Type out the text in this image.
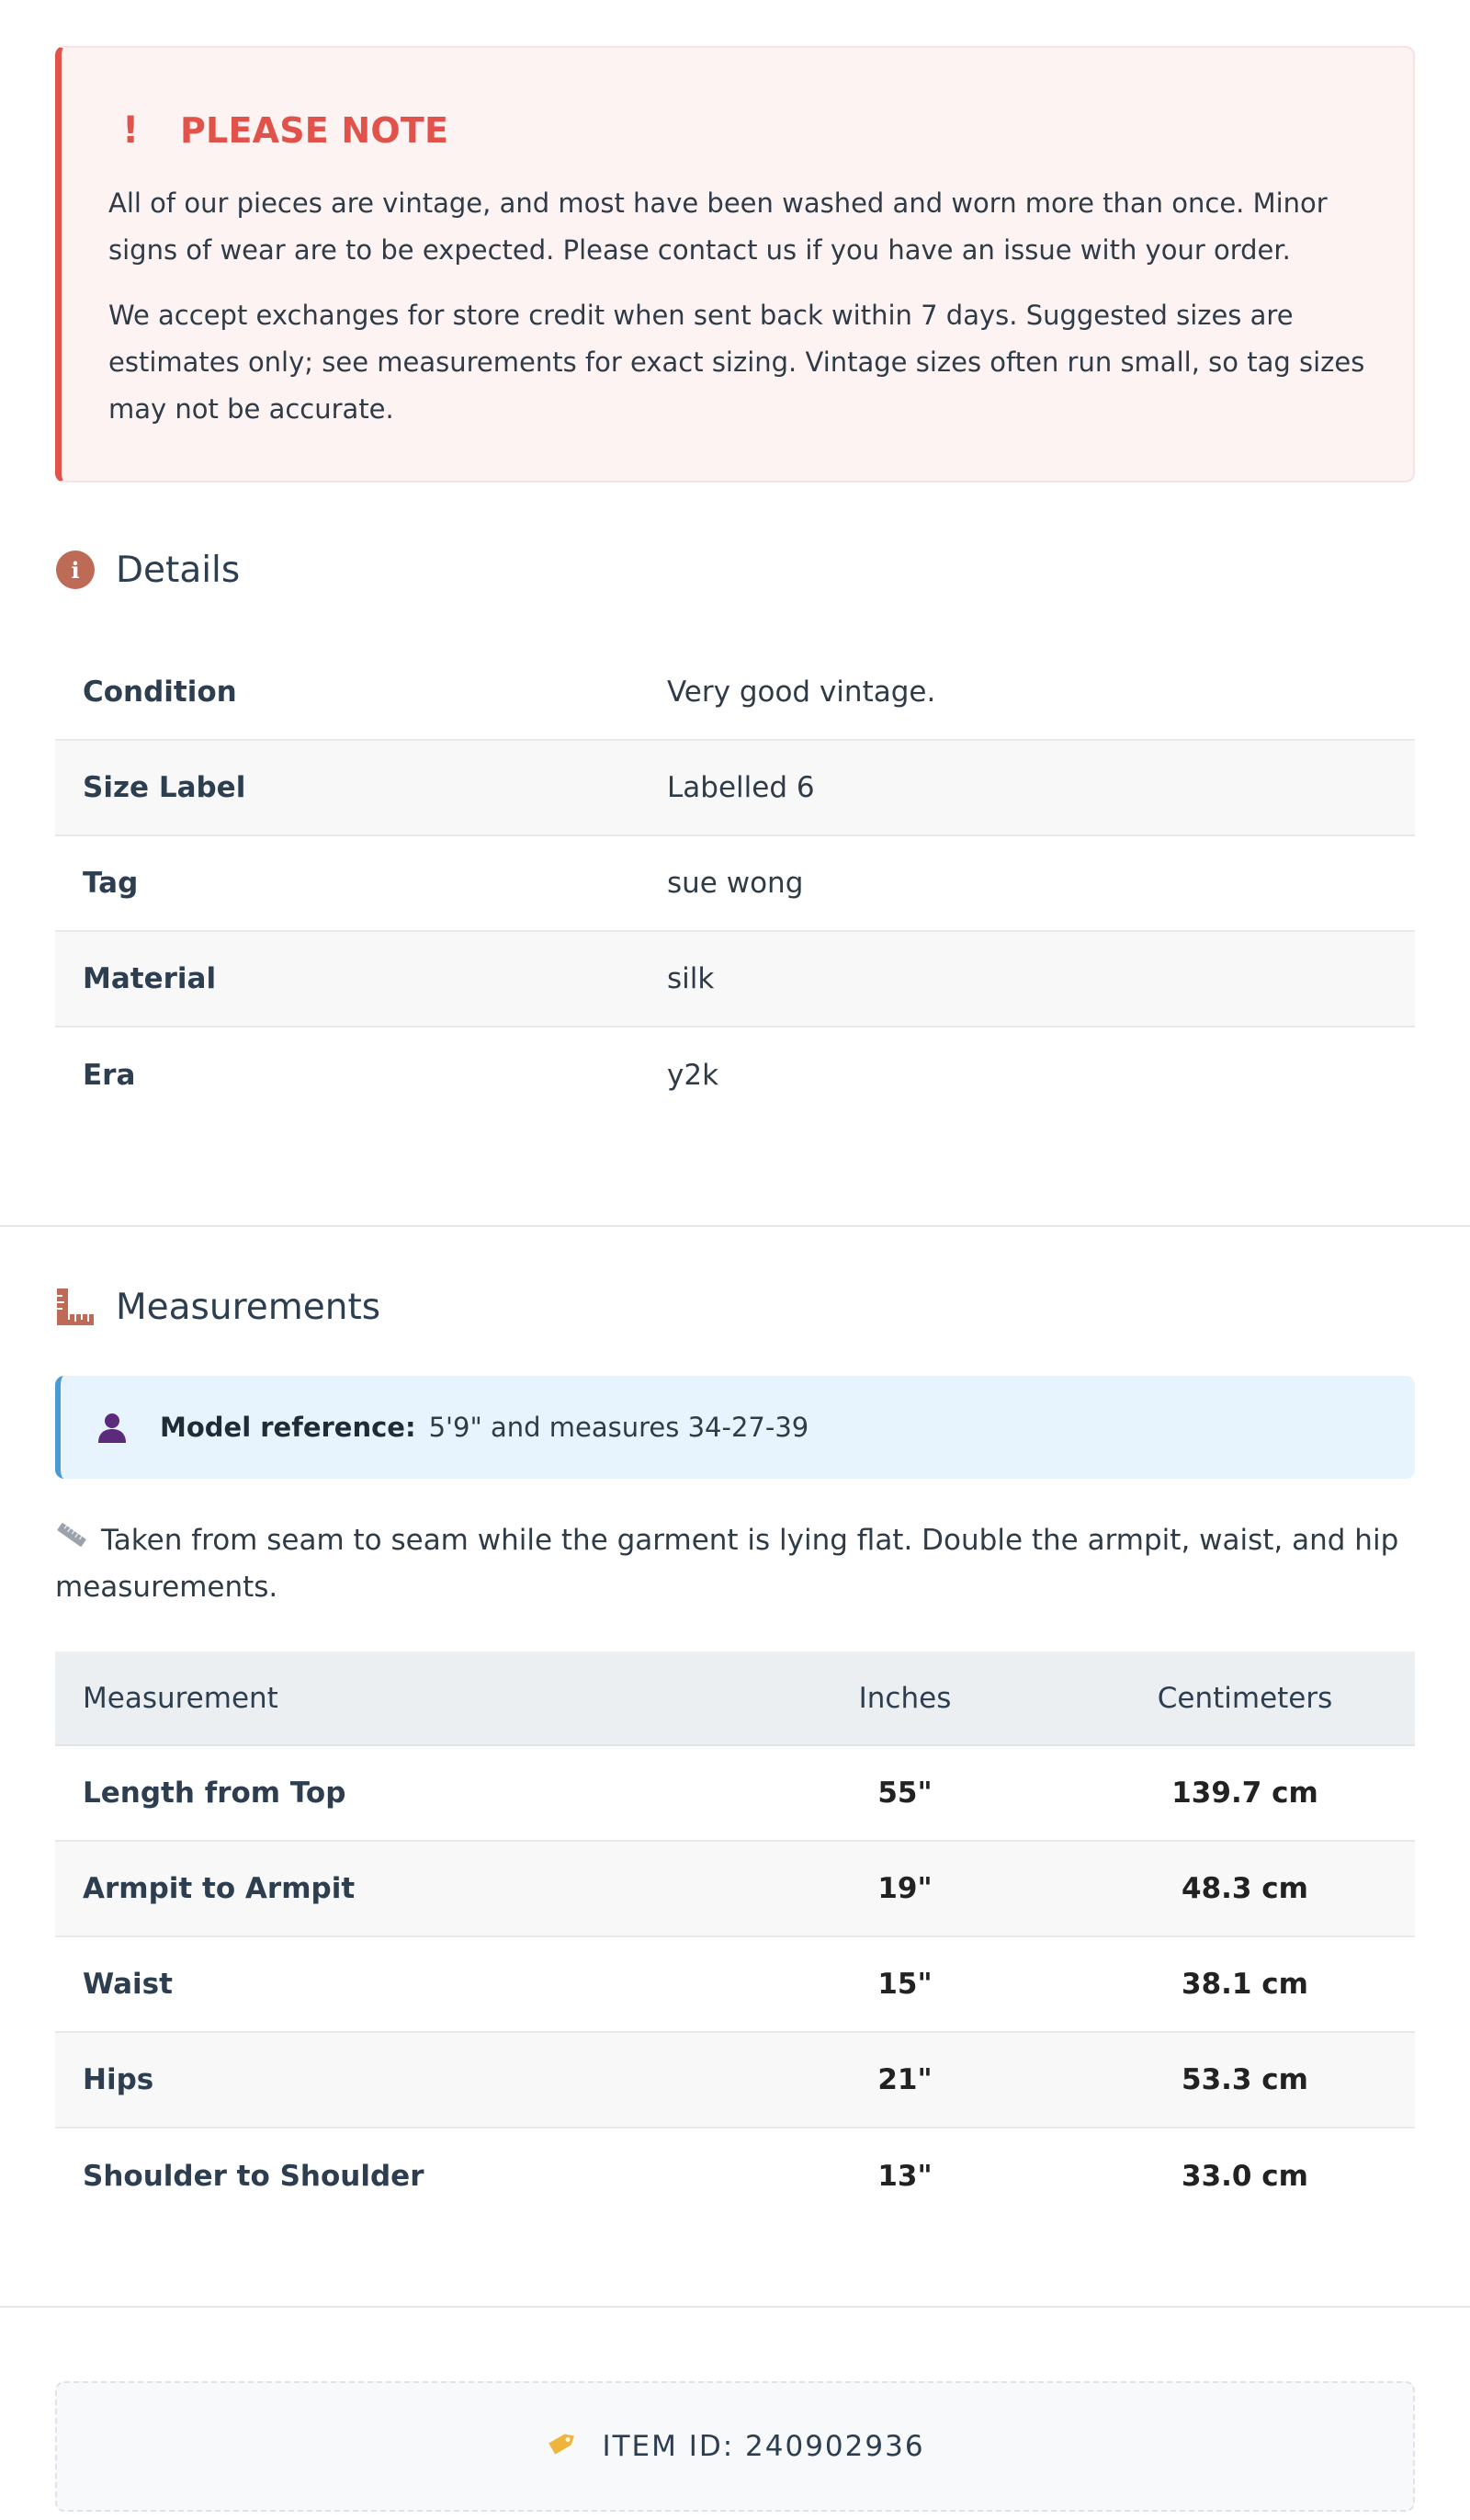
!	PLEASE NOTE

All of our pieces are vintage, and most have been washed and worn more than once. Minor signs of wear are to be expected. Please contact us if you have an issue with your order.

We accept exchanges for store credit when sent back within 7 days. Suggested sizes are estimates only; see measurements for exact sizing. Vintage sizes often run small, so tag sizes may not be accurate.

i	Details
Condition	Very good vintage.
Size Label	Labelled 6
Tag	sue wong
Material	silk
Era	y2k
Measurements
Model reference: 5'9" and measures 34-27-39

Taken from seam to seam while the garment is lying flat. Double the armpit, waist, and hip measurements.

Measurement	Inches	Centimeters
Length from Top	55"	139.7 cm
Armpit to Armpit	19"	48.3 cm
Waist	15"	38.1 cm
Hips	21"	53.3 cm
Shoulder to Shoulder	13"	33.0 cm
ITEM ID: 240902936
